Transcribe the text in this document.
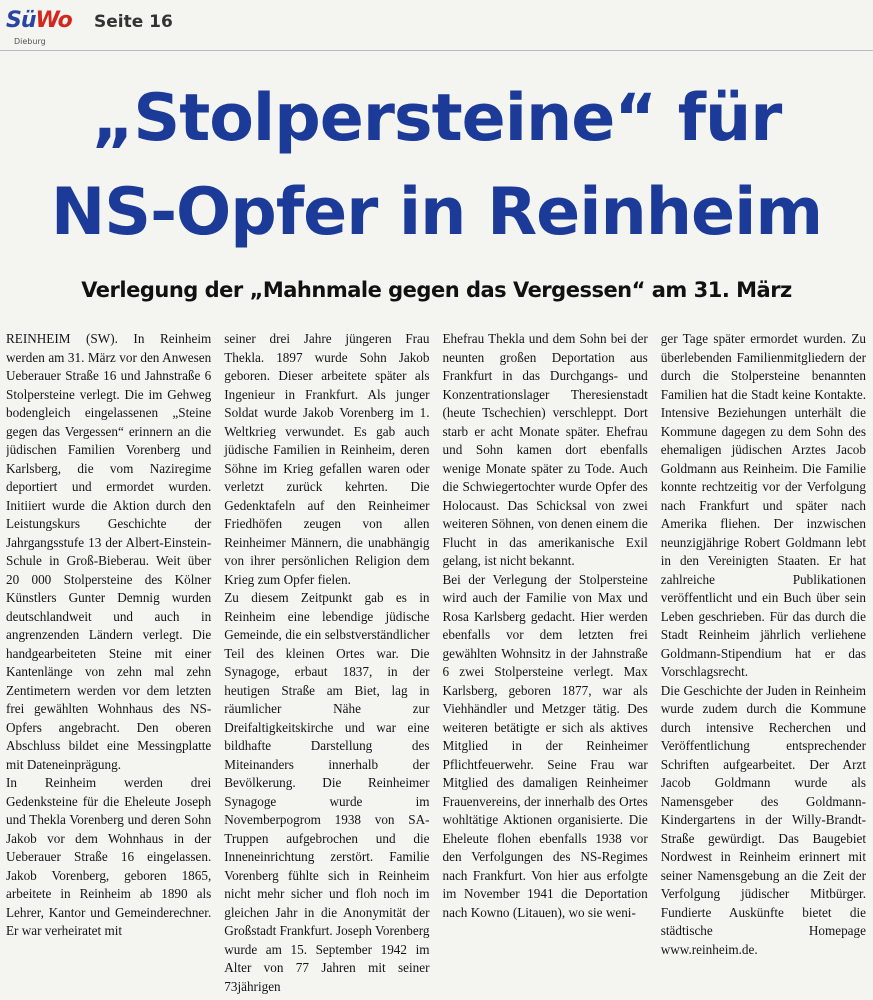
SüWo
Dieburg
Seite 16
„Stolpersteine“ für
NS-Opfer in Reinheim
Verlegung der „Mahnmale gegen das Vergessen“ am 31. März

REINHEIM (SW). In Reinheim werden am 31. März vor den Anwesen Ueberauer Straße 16 und Jahnstraße 6 Stolpersteine verlegt. Die im Gehweg bodengleich eingelassenen „Steine gegen das Vergessen“ erinnern an die jüdischen Familien Vorenberg und Karlsberg, die vom Naziregime deportiert und ermordet wurden. Initiiert wurde die Aktion durch den Leistungskurs Geschichte der Jahrgangsstufe 13 der Albert-Einstein-Schule in Groß-Bieberau. Weit über 20 000 Stolpersteine des Kölner Künstlers Gunter Demnig wurden deutschlandweit und auch in angrenzenden Ländern verlegt. Die handgearbeiteten Steine mit einer Kantenlänge von zehn mal zehn Zentimetern werden vor dem letzten frei gewählten Wohnhaus des NS-Opfers angebracht. Den oberen Abschluss bildet eine Messingplatte mit Dateneinprägung.

In Reinheim werden drei Gedenksteine für die Eheleute Joseph und Thekla Vorenberg und deren Sohn Jakob vor dem Wohnhaus in der Ueberauer Straße 16 eingelassen. Jakob Vorenberg, geboren 1865, arbeitete in Reinheim ab 1890 als Lehrer, Kantor und Gemeinderechner. Er war verheiratet mit

seiner drei Jahre jüngeren Frau Thekla. 1897 wurde Sohn Jakob geboren. Dieser arbeitete später als Ingenieur in Frankfurt. Als junger Soldat wurde Jakob Vorenberg im 1. Weltkrieg verwundet. Es gab auch jüdische Familien in Reinheim, deren Söhne im Krieg gefallen waren oder verletzt zurück kehrten. Die Gedenktafeln auf den Reinheimer Friedhöfen zeugen von allen Reinheimer Männern, die unabhängig von ihrer persönlichen Religion dem Krieg zum Opfer fielen.

Zu diesem Zeitpunkt gab es in Reinheim eine lebendige jüdische Gemeinde, die ein selbstverständlicher Teil des kleinen Ortes war. Die Synagoge, erbaut 1837, in der heutigen Straße am Biet, lag in räumlicher Nähe zur Dreifaltigkeitskirche und war eine bildhafte Darstellung des Miteinanders innerhalb der Bevölkerung. Die Reinheimer Synagoge wurde im Novemberpogrom 1938 von SA-Truppen aufgebrochen und die Inneneinrichtung zerstört. Familie Vorenberg fühlte sich in Reinheim nicht mehr sicher und floh noch im gleichen Jahr in die Anonymität der Großstadt Frankfurt. Joseph Vorenberg wurde am 15. September 1942 im Alter von 77 Jahren mit seiner 73jährigen

Ehefrau Thekla und dem Sohn bei der neunten großen Deportation aus Frankfurt in das Durchgangs- und Konzentrationslager Theresienstadt (heute Tschechien) verschleppt. Dort starb er acht Monate später. Ehefrau und Sohn kamen dort ebenfalls wenige Monate später zu Tode. Auch die Schwiegertochter wurde Opfer des Holocaust. Das Schicksal von zwei weiteren Söhnen, von denen einem die Flucht in das amerikanische Exil gelang, ist nicht bekannt.

Bei der Verlegung der Stolpersteine wird auch der Familie von Max und Rosa Karlsberg gedacht. Hier werden ebenfalls vor dem letzten frei gewählten Wohnsitz in der Jahnstraße 6 zwei Stolpersteine verlegt. Max Karlsberg, geboren 1877, war als Viehhändler und Metzger tätig. Des weiteren betätigte er sich als aktives Mitglied in der Reinheimer Pflichtfeuerwehr. Seine Frau war Mitglied des damaligen Reinheimer Frauenvereins, der innerhalb des Ortes wohltätige Aktionen organisierte. Die Eheleute flohen ebenfalls 1938 vor den Verfolgungen des NS-Regimes nach Frankfurt. Von hier aus erfolgte im November 1941 die Deportation nach Kowno (Litauen), wo sie weni-

ger Tage später ermordet wurden. Zu überlebenden Familienmitgliedern der durch die Stolpersteine benannten Familien hat die Stadt keine Kontakte. Intensive Beziehungen unterhält die Kommune dagegen zu dem Sohn des ehemaligen jüdischen Arztes Jacob Goldmann aus Reinheim. Die Familie konnte rechtzeitig vor der Verfolgung nach Frankfurt und später nach Amerika fliehen. Der inzwischen neunzigjährige Robert Goldmann lebt in den Vereinigten Staaten. Er hat zahlreiche Publikationen veröffentlicht und ein Buch über sein Leben geschrieben. Für das durch die Stadt Reinheim jährlich verliehene Goldmann-Stipendium hat er das Vorschlagsrecht.

Die Geschichte der Juden in Reinheim wurde zudem durch die Kommune durch intensive Recherchen und Veröffentlichung entsprechender Schriften aufgearbeitet. Der Arzt Jacob Goldmann wurde als Namensgeber des Goldmann-Kindergartens in der Willy-Brandt-Straße gewürdigt. Das Baugebiet Nordwest in Reinheim erinnert mit seiner Namensgebung an die Zeit der Verfolgung jüdischer Mitbürger. Fundierte Auskünfte bietet die städtische Homepage www.reinheim.de.
